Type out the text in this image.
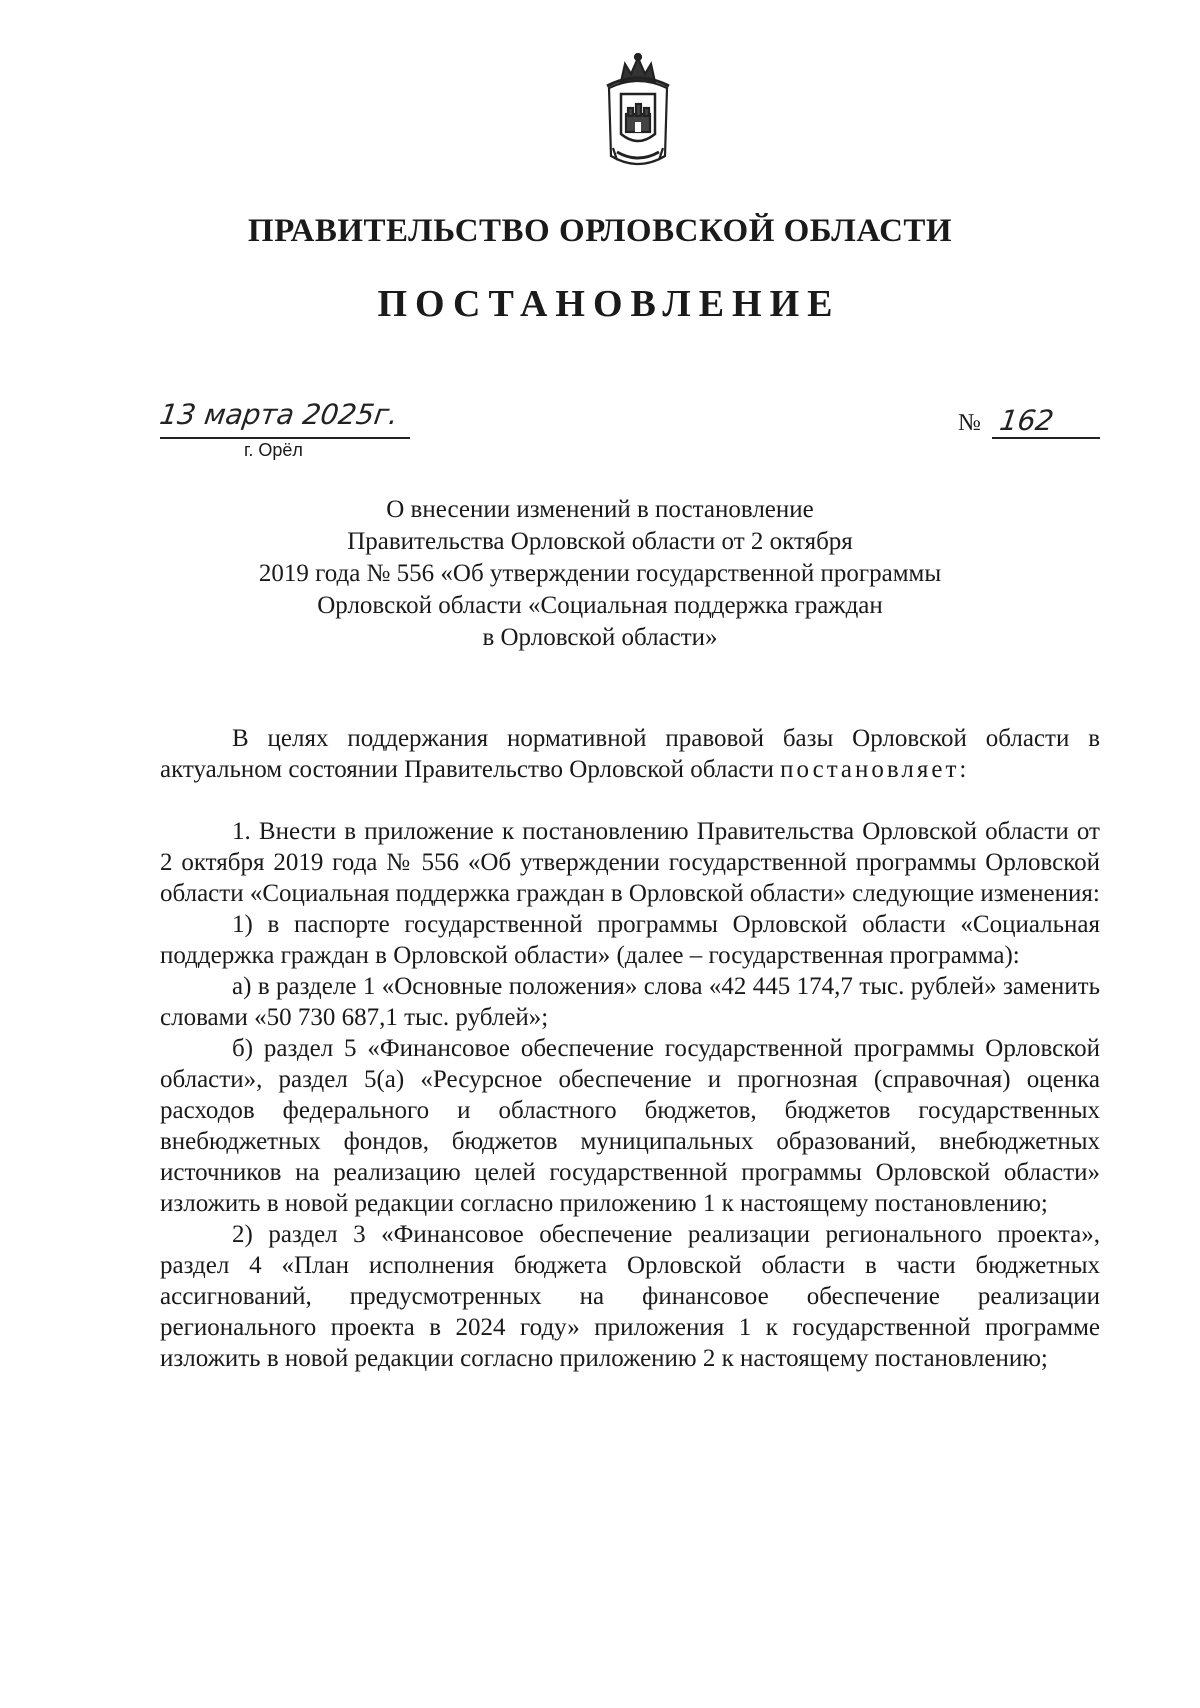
ПРАВИТЕЛЬСТВО ОРЛОВСКОЙ ОБЛАСТИ
ПОСТАНОВЛЕНИЕ
13 марта 2025г.
г. Орёл
№ 162
О внесении изменений в постановление
Правительства Орловской области от 2 октября
2019 года № 556 «Об утверждении государственной программы
Орловской области «Социальная поддержка граждан
в Орловской области»

В целях поддержания нормативной правовой базы Орловской области в актуальном состоянии Правительство Орловской области постановляет:

1. Внести в приложение к постановлению Правительства Орловской области от 2 октября 2019 года № 556 «Об утверждении государственной программы Орловской области «Социальная поддержка граждан в Орловской области» следующие изменения:

1) в паспорте государственной программы Орловской области «Социальная поддержка граждан в Орловской области» (далее – государственная программа):

а) в разделе 1 «Основные положения» слова «42 445 174,7 тыс. рублей» заменить словами «50 730 687,1 тыс. рублей»;

б) раздел 5 «Финансовое обеспечение государственной программы Орловской области», раздел 5(а) «Ресурсное обеспечение и прогнозная (справочная) оценка расходов федерального и областного бюджетов, бюджетов государственных внебюджетных фондов, бюджетов муниципальных образований, внебюджетных источников на реализацию целей государственной программы Орловской области» изложить в новой редакции согласно приложению 1 к настоящему постановлению;

2) раздел 3 «Финансовое обеспечение реализации регионального проекта», раздел 4 «План исполнения бюджета Орловской области в части бюджетных ассигнований, предусмотренных на финансовое обеспечение реализации регионального проекта в 2024 году» приложения 1 к государственной программе изложить в новой редакции согласно приложению 2 к настоящему постановлению;
